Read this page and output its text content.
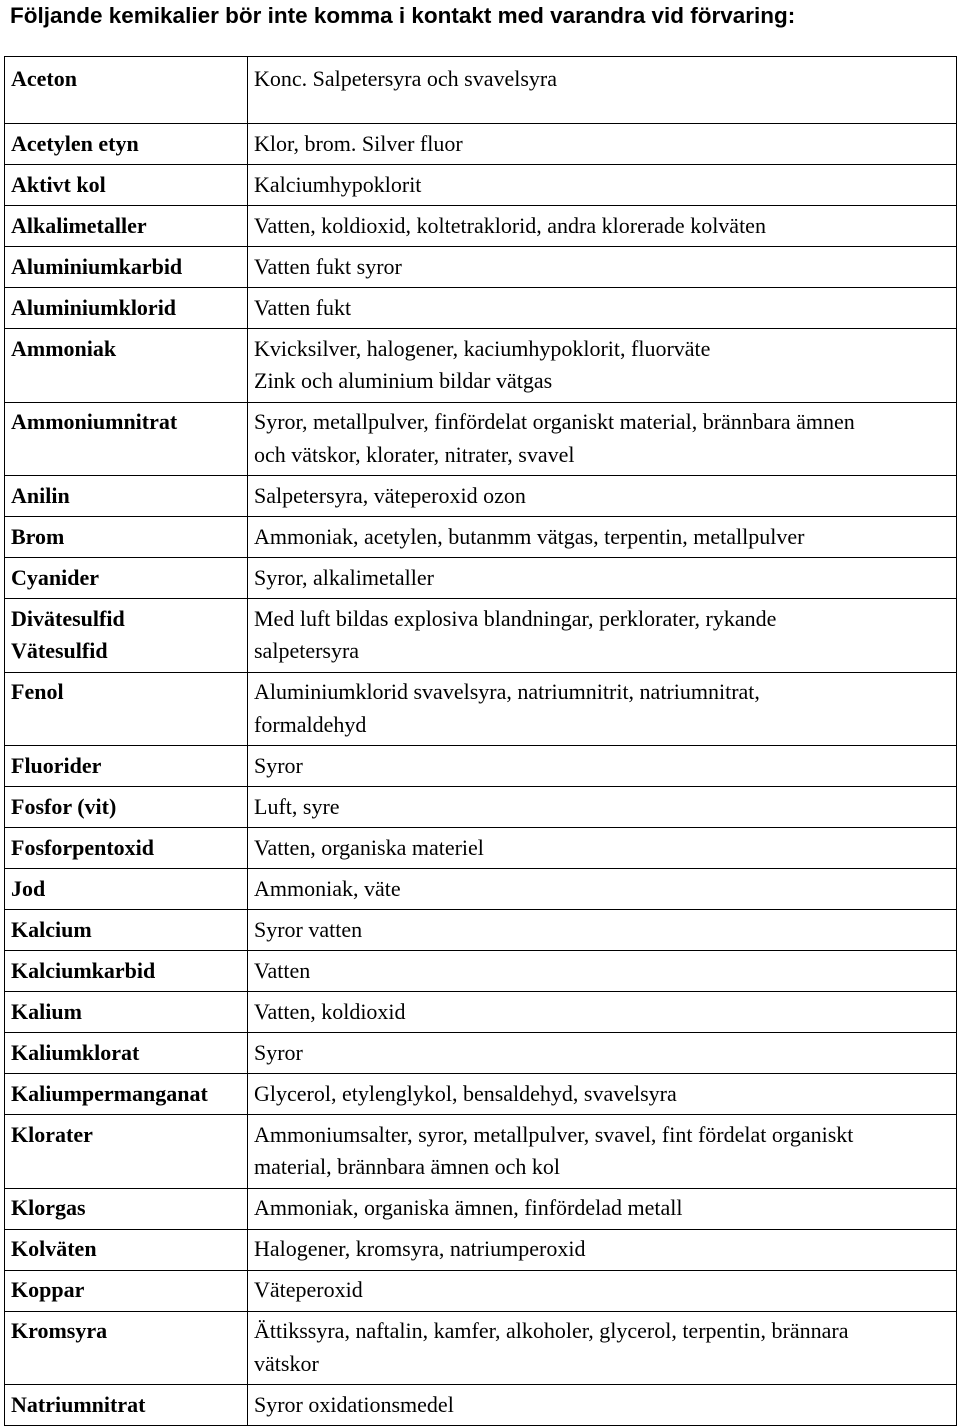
Följande kemikalier bör inte komma i kontakt med varandra vid förvaring:
Aceton	Konc. Salpetersyra och svavelsyra

Acetylen etyn	Klor, brom. Silver fluor

Aktivt kol	Kalciumhypoklorit

Alkalimetaller	Vatten, koldioxid, koltetraklorid, andra klorerade kolväten

Aluminiumkarbid	Vatten fukt syror

Aluminiumklorid	Vatten fukt

Ammoniak	Kvicksilver, halogener, kaciumhypoklorit, fluorväte
Zink och aluminium bildar vätgas

Ammoniumnitrat	Syror, metallpulver, finfördelat organiskt material, brännbara ämnen
och vätskor, klorater, nitrater, svavel

Anilin	Salpetersyra, väteperoxid ozon

Brom	Ammoniak, acetylen, butanmm vätgas, terpentin, metallpulver

Cyanider	Syror, alkalimetaller

Divätesulfid
Vätesulfid	Med luft bildas explosiva blandningar, perklorater, rykande
salpetersyra

Fenol	Aluminiumklorid svavelsyra, natriumnitrit, natriumnitrat,
formaldehyd

Fluorider	Syror

Fosfor (vit)	Luft, syre

Fosforpentoxid	Vatten, organiska materiel

Jod	Ammoniak, väte

Kalcium	Syror vatten

Kalciumkarbid	Vatten

Kalium	Vatten, koldioxid

Kaliumklorat	Syror

Kaliumpermanganat	Glycerol, etylenglykol, bensaldehyd, svavelsyra

Klorater	Ammoniumsalter, syror, metallpulver, svavel, fint fördelat organiskt
material, brännbara ämnen och kol

Klorgas	Ammoniak, organiska ämnen, finfördelad metall

Kolväten	Halogener, kromsyra, natriumperoxid

Koppar	Väteperoxid

Kromsyra	Ättikssyra, naftalin, kamfer, alkoholer, glycerol, terpentin, brännara
vätskor

Natriumnitrat	Syror oxidationsmedel
